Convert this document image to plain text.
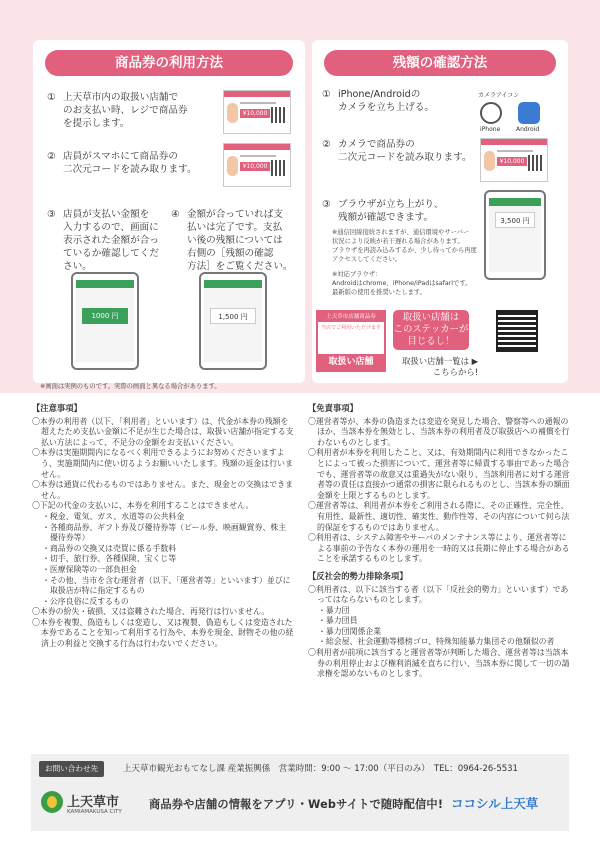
商品券の利用方法
① 上天草市内の取扱い店舗で
のお支払い時、レジで商品券
を提示します。
¥10,000
② 店員がスマホにて商品券の
二次元コードを読み取ります。	¥10,000
③ 店員が支払い金額を
入力するので、画面に
表示された金額が合っ
ているか確認してくだ
さい。
④ 金額が合っていれば支
払いは完了です。支払
い後の残額については
右側の［残額の確認
方法］をご覧ください。
1000 円	1,500 円
※画面は実例のものです。実際の画面と異なる場合があります。
残額の確認方法
① iPhone/Androidの
カメラを立ち上げる。
② カメラで商品券の
二次元コードを読み取ります。
③ ブラウザが立ち上がり、
残額が確認できます。
※通信回線接続されますが、通信環境やサーバー
状況により反映が若干遅れる場合があります。
ブラウザを再読み込みするか、少し待ってから再度
アクセスしてください。
※対応ブラウザ：
Androidはchrome、iPhone/iPadはsafariです。
最新版の使用を推奨いたします。
¥10,000
3,500 円
カメラアイコン
iPhone	Android
上天草市店舗商品券
当店でご利用いただけます
取扱い店舗
取扱い店舗は
このステッカーが
目じるし！
取扱い店舗一覧は ▶
こちらから!
【注意事項】
〇本券の利用者（以下、「利用者」といいます）は、代金が本券の残額を超えたため支払い金額に不足が生じた場合は、取扱い店舗が指定する支払い方法によって、不足分の金額をお支払いください。
〇本券は実施期間内になるべく利用できるようにお努めくださいますよう、実施期間内に使い切るようお願いいたします。残額の返金は行いません。
〇本券は通貨に代わるものではありません。また、現金との交換はできません。
〇下記の代金の支払いに、本券を利用することはできません。
・税金、電気、ガス、水道等の公共料金
・各種商品券、ギフト券及び優待券等（ビール券、映画観賞券、株主優待券等）
・商品券の交換又は売買に係る手数料
・切手、旅行券、各種保険、宝くじ等
・医療保険等の一部負担金
・その他、当市を含む運営者（以下、「運営者等」といいます）並びに取扱店が特に指定するもの
・公序良俗に反するもの
〇本券の紛失・破損、又は盗難された場合、再発行は行いません。
〇本券を複製、偽造もしくは変造し、又は複製、偽造もしくは変造された本券であることを知って利用する行為や、本券を現金、財物その他の経済上の利益と交換する行為は行わないでください。
【免責事項】
〇運営者等が、本券の偽造または変造を発見した場合、警察等への通報のほか、当該本券を無効とし、当該本券の利用者及び取扱店への補償を行わないものとします。
〇利用者が本券を利用したこと、又は、有効期間内に利用できなかったことによって被った損害について、運営者等に帰責する事由であった場合でも、運営者等の故意又は重過失がない限り、当該利用者に対する運営者等の責任は直接かつ通常の損害に限られるものとし、当該本券の額面金額を上限とするものとします。
〇運営者等は、利用者が本券をご利用される際に、その正確性、完全性、有用性、最新性、適切性、確実性、動作性等、その内容について何ら法的保証をするものではありません。
〇利用者は、システム障害やサーバのメンテナンス等により、運営者等による事前の予告なく本券の運用を一時的又は長期に停止する場合があることを承諾するものとします。
【反社会的勢力排除条項】
〇利用者は、以下に該当する者（以下「反社会的勢力」といいます）であってはならないものとします。
・暴力団
・暴力団員
・暴力団関係企業
・総会屋、社会運動等標榜ゴロ、特殊知能暴力集団その他類似の者
〇利用者が前項に該当すると運営者等が判断した場合、運営者等は当該本券の利用停止および権利消滅を直ちに行い、当該本券に関して一切の請求権を認めないものとします。
お問い合わせ先	上天草市観光おもてなし課 産業振興係　営業時間：9:00 〜 17:00（平日のみ）　TEL：0964-26-5531
上天草市
KAMIAMAKUSA CITY
商品券や店舗の情報をアプリ・Webサイトで随時配信中! ココシル上天草
